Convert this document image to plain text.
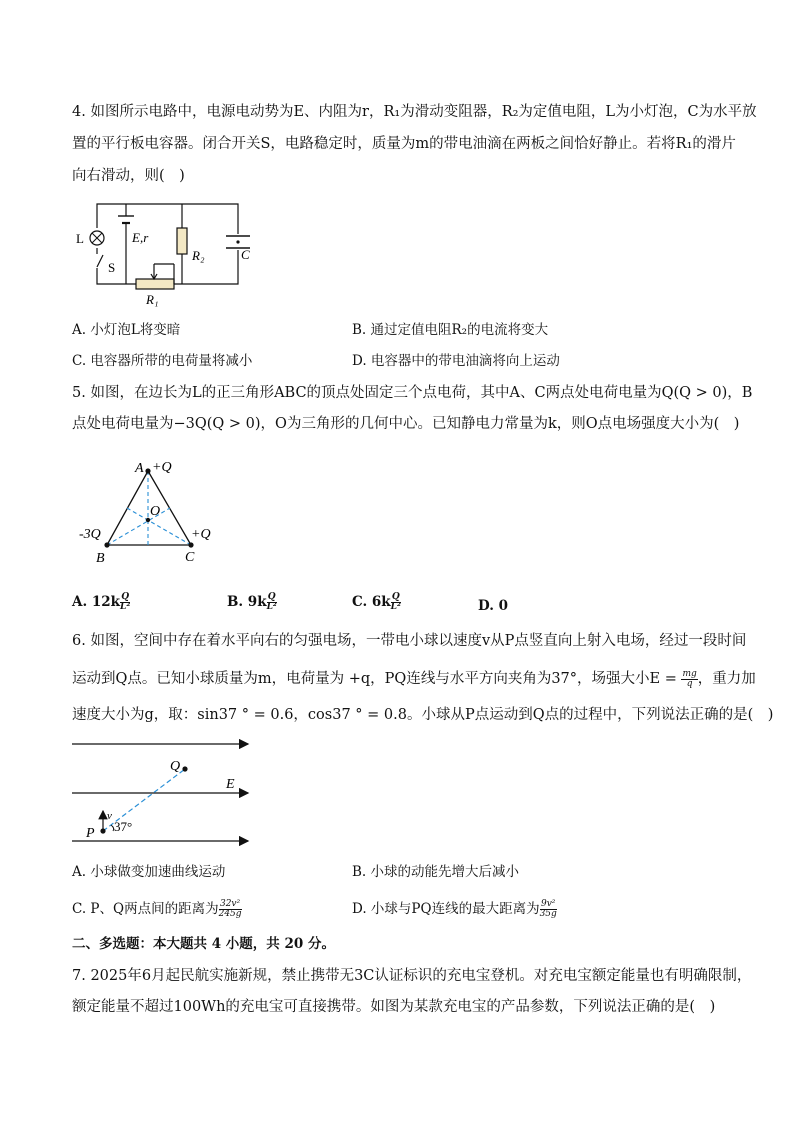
4. 如图所示电路中，电源电动势为E、内阻为r，R₁为滑动变阻器，R₂为定值电阻，L为小灯泡，C为水平放
置的平行板电容器。闭合开关S，电路稳定时，质量为m的带电油滴在两板之间恰好静止。若将R₁的滑片
向右滑动，则(　)
L
S
E,r
R₂	C
R₁
A. 小灯泡L将变暗	B. 通过定值电阻R₂的电流将变大
C. 电容器所带的电荷量将减小	D. 电容器中的带电油滴将向上运动
5. 如图，在边长为L的正三角形ABC的顶点处固定三个点电荷，其中A、C两点处电荷电量为Q(Q > 0)，B
点处电荷电量为−3Q(Q > 0)，O为三角形的几何中心。已知静电力常量为k，则O点电场强度大小为(　)
A +Q
O
-3Q
B
+Q
C
A. $12k \frac{Q}{\text{L²}}$	B. $9k \frac{Q}{\text{L²}}$	C. $6k \frac{Q}{\text{L²}}$	D. 0
6. 如图，空间中存在着水平向右的匀强电场，一带电小球以速度v从P点竖直向上射入电场，经过一段时间
运动到Q点。已知小球质量为m，电荷量为 +q，PQ连线与水平方向夹角为37°，场强大小$E = \frac{mg}{q}$ ，重力加
速度大小为g，取：sin37 ° = 0.6，cos37 ° = 0.8。小球从P点运动到Q点的过程中，下列说法正确的是(　)
Q
E
P
v
37°
A. 小球做变加速曲线运动	B. 小球的动能先增大后减小
C. P、Q两点间的距离为 $\frac{\text{32v²}}{245g}$	D. 小球与PQ连线的最大距离为 $\frac{\text{9v²}}{35g}$
二、多选题：本大题共 4 小题，共 20 分。
7. 2025年6月起民航实施新规，禁止携带无3C认证标识的充电宝登机。对充电宝额定能量也有明确限制，
额定能量不超过100Wh的充电宝可直接携带。如图为某款充电宝的产品参数，下列说法正确的是(　)
